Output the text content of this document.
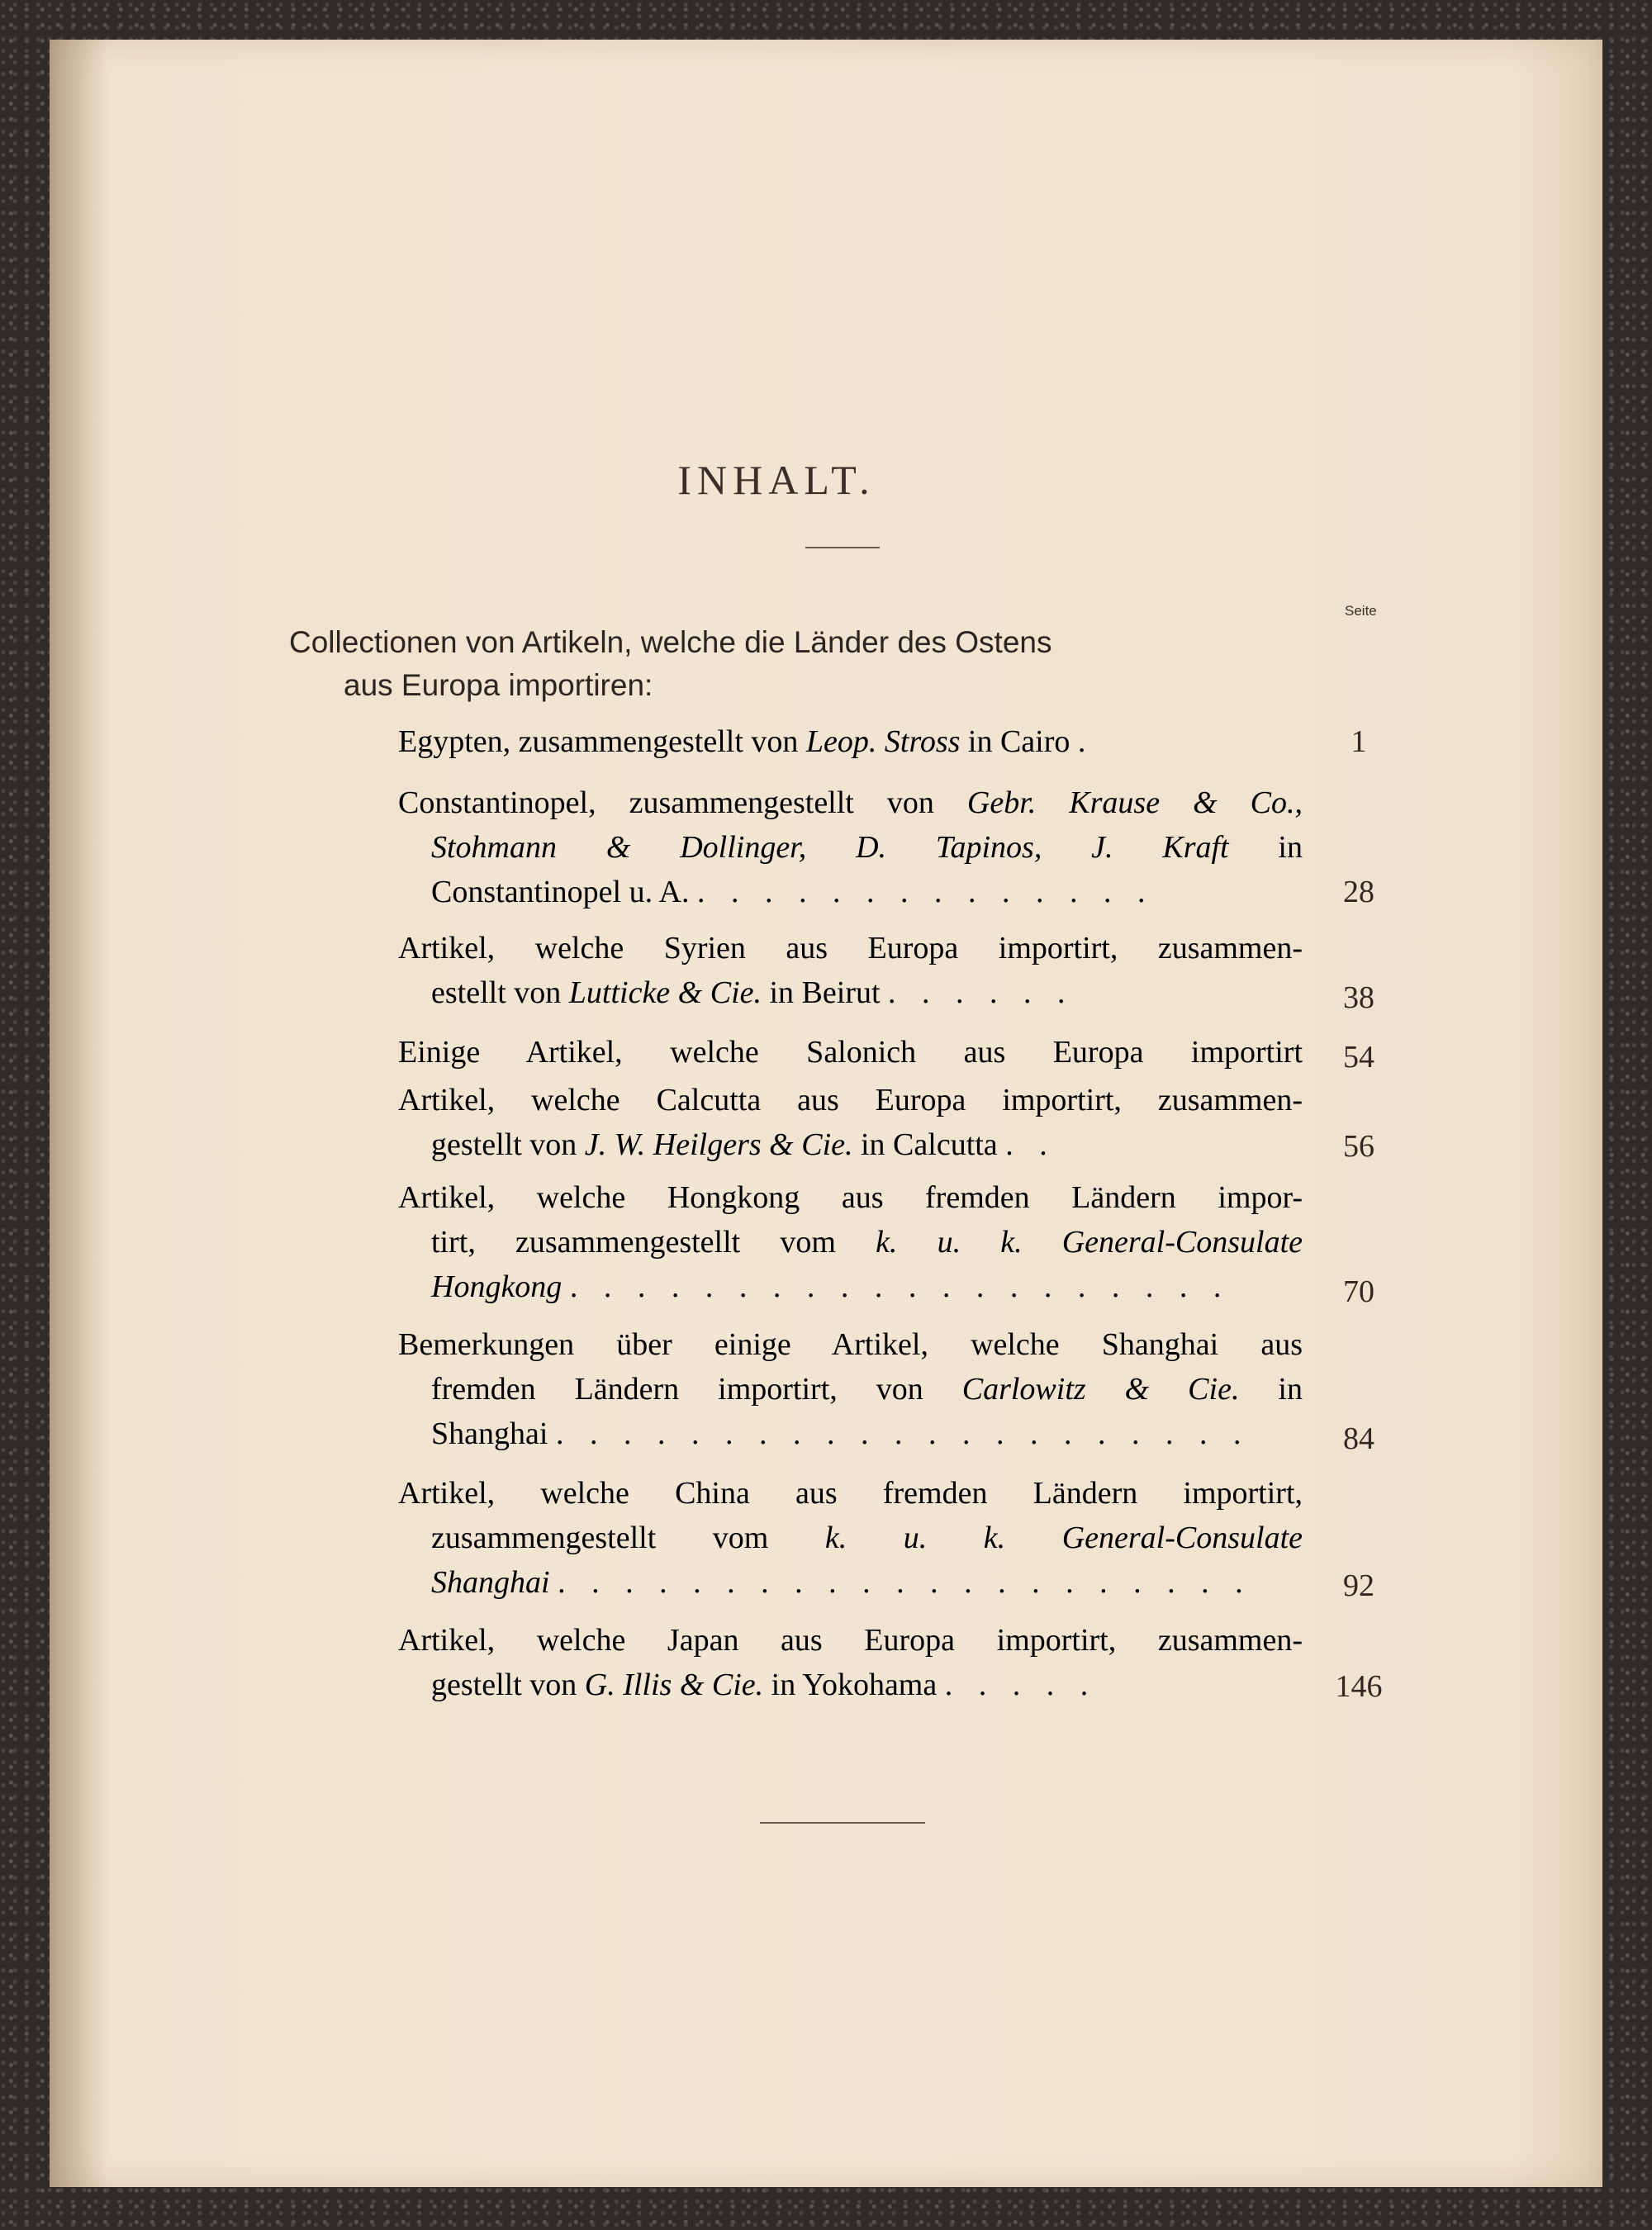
INHALT.
Seite
Collectionen von Artikeln, welche die Länder des Ostens
aus Europa importiren:
Egypten, zusammengestellt von Leop. Stross in Cairo .	1
Constantinopel, zusammengestellt von Gebr. Krause & Co.,
Stohmann & Dollinger, D. Tapinos, J. Kraft in
Constantinopel u. A. . . . . . . . . . . . . . .	28
Artikel, welche Syrien aus Europa importirt, zusammen-
estellt von Lutticke & Cie. in Beirut . . . . . .	38
Einige Artikel, welche Salonich aus Europa importirt	54
Artikel, welche Calcutta aus Europa importirt, zusammen-
gestellt von J. W. Heilgers & Cie. in Calcutta . .	56
Artikel, welche Hongkong aus fremden Ländern impor-
tirt, zusammengestellt vom k. u. k. General-Consulate
Hongkong . . . . . . . . . . . . . . . . . . . .	70
Bemerkungen über einige Artikel, welche Shanghai aus
fremden Ländern importirt, von Carlowitz & Cie. in
Shanghai . . . . . . . . . . . . . . . . . . . . .	84
Artikel, welche China aus fremden Ländern importirt,
zusammengestellt vom k. u. k. General-Consulate
Shanghai . . . . . . . . . . . . . . . . . . . . .	92
Artikel, welche Japan aus Europa importirt, zusammen-
gestellt von G. Illis & Cie. in Yokohama . . . . .	146
